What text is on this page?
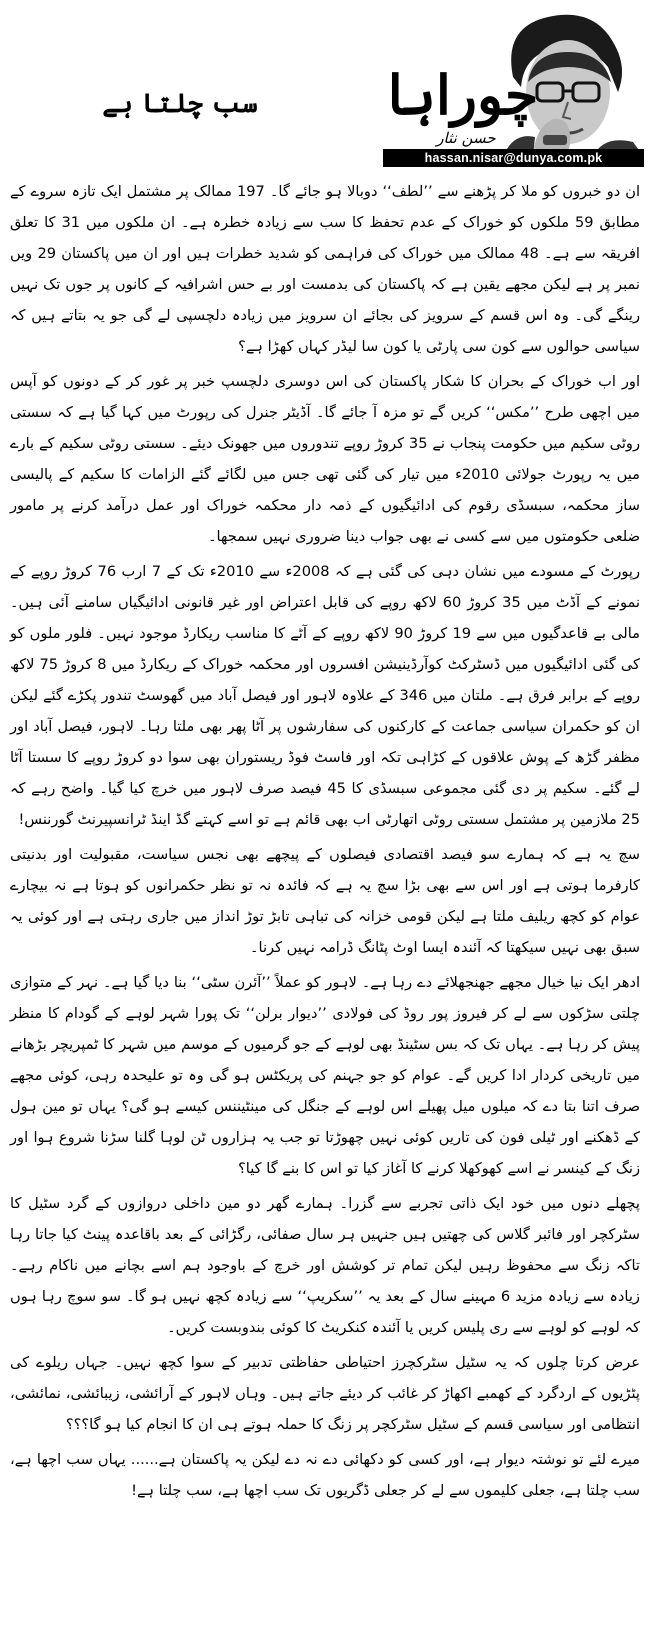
سب چلتا ہے چوراہا
حسن نثار
hassan.nisar@dunya.com.pk

ان دو خبروں کو ملا کر پڑھنے سے ’’لطف‘‘ دوبالا ہو جائے گا۔ 197 ممالک پر مشتمل ایک تازہ سروے کے مطابق 59 ملکوں کو خوراک کے عدم تحفظ کا سب سے زیادہ خطرہ ہے۔ ان ملکوں میں 31 کا تعلق افریقہ سے ہے۔ 48 ممالک میں خوراک کی فراہمی کو شدید خطرات ہیں اور ان میں پاکستان 29 ویں نمبر پر ہے لیکن مجھے یقین ہے کہ پاکستان کی بدمست اور بے حس اشرافیہ کے کانوں پر جوں تک نہیں رینگے گی۔ وہ اس قسم کے سرویز کی بجائے ان سرویز میں زیادہ دلچسپی لے گی جو یہ بتاتے ہیں کہ سیاسی حوالوں سے کون سی پارٹی یا کون سا لیڈر کہاں کھڑا ہے؟

اور اب خوراک کے بحران کا شکار پاکستان کی اس دوسری دلچسپ خبر پر غور کر کے دونوں کو آپس میں اچھی طرح ’’مکس‘‘ کریں گے تو مزہ آ جائے گا۔ آڈیٹر جنرل کی رپورٹ میں کہا گیا ہے کہ سستی روٹی سکیم میں حکومت پنجاب نے 35 کروڑ روپے تندوروں میں جھونک دیئے۔ سستی روٹی سکیم کے بارے میں یہ رپورٹ جولائی 2010ء میں تیار کی گئی تھی جس میں لگائے گئے الزامات کا سکیم کے پالیسی ساز محکمہ، سبسڈی رقوم کی ادائیگیوں کے ذمہ دار محکمہ خوراک اور عمل درآمد کرنے پر مامور ضلعی حکومتوں میں سے کسی نے بھی جواب دینا ضروری نہیں سمجھا۔

رپورٹ کے مسودے میں نشان دہی کی گئی ہے کہ 2008ء سے 2010ء تک کے 7 ارب 76 کروڑ روپے کے نمونے کے آڈٹ میں 35 کروڑ 60 لاکھ روپے کی قابل اعتراض اور غیر قانونی ادائیگیاں سامنے آئی ہیں۔ مالی بے قاعدگیوں میں سے 19 کروڑ 90 لاکھ روپے کے آٹے کا مناسب ریکارڈ موجود نہیں۔ فلور ملوں کو کی گئی ادائیگیوں میں ڈسٹرکٹ کوآرڈینیشن افسروں اور محکمہ خوراک کے ریکارڈ میں 8 کروڑ 75 لاکھ روپے کے برابر فرق ہے۔ ملتان میں 346 کے علاوہ لاہور اور فیصل آباد میں گھوسٹ تندور پکڑے گئے لیکن ان کو حکمران سیاسی جماعت کے کارکنوں کی سفارشوں پر آٹا پھر بھی ملتا رہا۔ لاہور، فیصل آباد اور مظفر گڑھ کے پوش علاقوں کے کڑاہی تکہ اور فاسٹ فوڈ ریستوران بھی سوا دو کروڑ روپے کا سستا آٹا لے گئے۔ سکیم پر دی گئی مجموعی سبسڈی کا 45 فیصد صرف لاہور میں خرچ کیا گیا۔ واضح رہے کہ 25 ملازمین پر مشتمل سستی روٹی اتھارٹی اب بھی قائم ہے تو اسے کہتے گڈ اینڈ ٹرانسپیرنٹ گورننس!

سچ یہ ہے کہ ہمارے سو فیصد اقتصادی فیصلوں کے پیچھے بھی نجس سیاست، مقبولیت اور بدنیتی کارفرما ہوتی ہے اور اس سے بھی بڑا سچ یہ ہے کہ فائدہ نہ تو نظر حکمرانوں کو ہوتا ہے نہ بیچارے عوام کو کچھ ریلیف ملتا ہے لیکن قومی خزانہ کی تباہی تابڑ توڑ انداز میں جاری رہتی ہے اور کوئی یہ سبق بھی نہیں سیکھتا کہ آئندہ ایسا اوٹ پٹانگ ڈرامہ نہیں کرنا۔

ادھر ایک نیا خیال مجھے جھنجھلائے دے رہا ہے۔ لاہور کو عملاً ’’آئرن سٹی‘‘ بنا دیا گیا ہے۔ نہر کے متوازی چلتی سڑکوں سے لے کر فیروز پور روڈ کی فولادی ’’دیوار برلن‘‘ تک پورا شہر لوہے کے گودام کا منظر پیش کر رہا ہے۔ یہاں تک کہ بس سٹینڈ بھی لوہے کے جو گرمیوں کے موسم میں شہر کا ٹمپریچر بڑھانے میں تاریخی کردار ادا کریں گے۔ عوام کو جو جہنم کی پریکٹس ہو گی وہ تو علیحدہ رہی، کوئی مجھے صرف اتنا بتا دے کہ میلوں میل پھیلے اس لوہے کے جنگل کی مینٹیننس کیسے ہو گی؟ یہاں تو مین ہول کے ڈھکنے اور ٹیلی فون کی تاریں کوئی نہیں چھوڑتا تو جب یہ ہزاروں ٹن لوہا گلنا سڑنا شروع ہوا اور زنگ کے کینسر نے اسے کھوکھلا کرنے کا آغاز کیا تو اس کا بنے گا کیا؟

پچھلے دنوں میں خود ایک ذاتی تجربے سے گزرا۔ ہمارے گھر دو مین داخلی دروازوں کے گرد سٹیل کا سٹرکچر اور فائبر گلاس کی چھتیں ہیں جنہیں ہر سال صفائی، رگڑائی کے بعد باقاعدہ پینٹ کیا جاتا رہا تاکہ زنگ سے محفوظ رہیں لیکن تمام تر کوشش اور خرچ کے باوجود ہم اسے بچانے میں ناکام رہے۔ زیادہ سے زیادہ مزید 6 مہینے سال کے بعد یہ ’’سکریپ‘‘ سے زیادہ کچھ نہیں ہو گا۔ سو سوچ رہا ہوں کہ لوہے کو لوہے سے ری پلیس کریں یا آئندہ کنکریٹ کا کوئی بندوبست کریں۔

عرض کرتا چلوں کہ یہ سٹیل سٹرکچرز احتیاطی حفاظتی تدبیر کے سوا کچھ نہیں۔ جہاں ریلوے کی پٹڑیوں کے اردگرد کے کھمبے اکھاڑ کر غائب کر دیئے جاتے ہیں۔ وہاں لاہور کے آرائشی، زیبائشی، نمائشی، انتظامی اور سیاسی قسم کے سٹیل سٹرکچر پر زنگ کا حملہ ہوتے ہی ان کا انجام کیا ہو گا؟؟؟

میرے لئے تو نوشتہ دیوار ہے، اور کسی کو دکھائی دے نہ دے لیکن یہ پاکستان ہے...... یہاں سب اچھا ہے، سب چلتا ہے، جعلی کلیموں سے لے کر جعلی ڈگریوں تک سب اچھا ہے، سب چلتا ہے!
